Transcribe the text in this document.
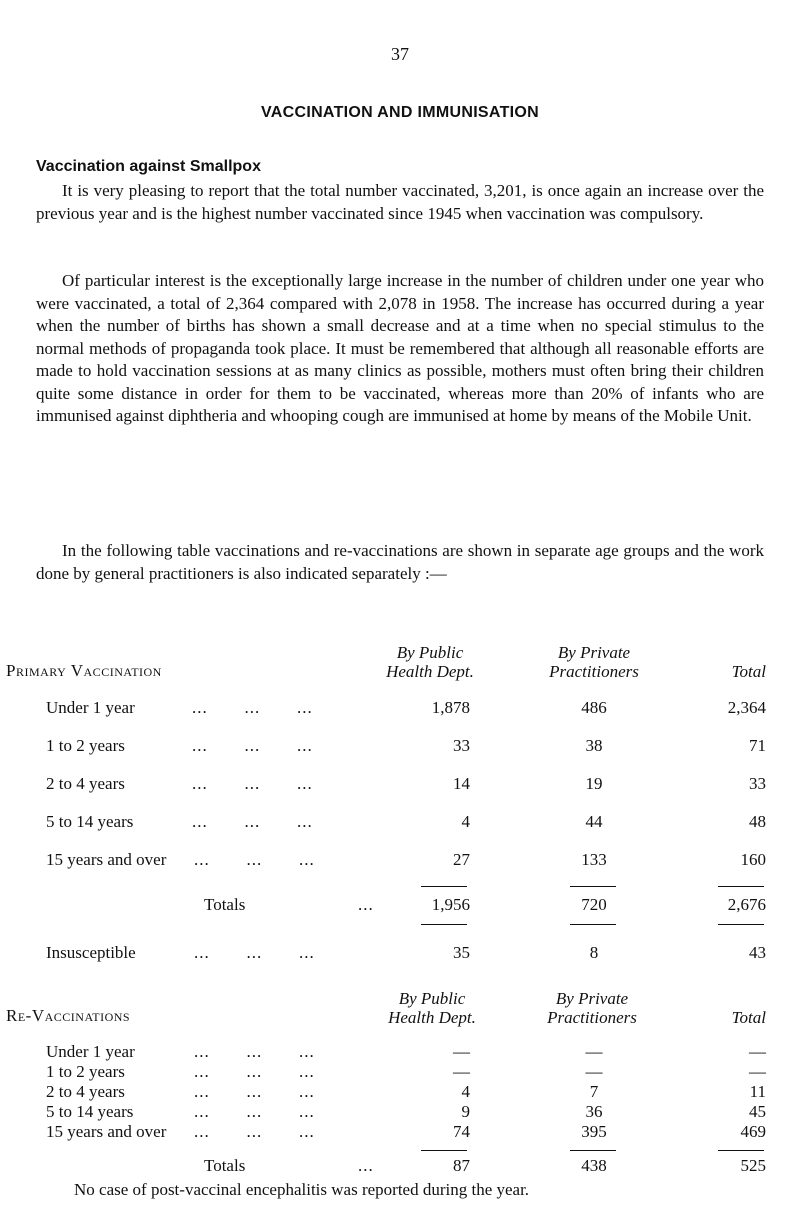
37
VACCINATION AND IMMUNISATION
Vaccination against Smallpox

It is very pleasing to report that the total number vaccinated, 3,201, is once again an increase over the previous year and is the highest number vaccinated since 1945 when vaccination was compulsory.

Of particular interest is the exceptionally large increase in the number of children under one year who were vaccinated, a total of 2,364 compared with 2,078 in 1958. The increase has occurred during a year when the number of births has shown a small decrease and at a time when no special stimulus to the normal methods of propaganda took place. It must be remembered that although all reasonable efforts are made to hold vaccination sessions at as many clinics as possible, mothers must often bring their children quite some distance in order for them to be vaccinated, whereas more than 20% of infants who are immunised against diphtheria and whooping cough are immunised at home by means of the Mobile Unit.

In the following table vaccinations and re-vaccinations are shown in separate age groups and the work done by general practitioners is also indicated separately :—

Primary Vaccination
By Public
Health Dept.
By Private
Practitioners	Total
Under 1 year	...       ...       ...	1,878	486	2,364
1 to 2 years	...       ...       ...	33	38	71
2 to 4 years	...       ...       ...	14	19	33
5 to 14 years	...       ...       ...	4	44	48
15 years and over ...       ...       ...	27	133	160
Totals	...	1,956	720	2,676
Insusceptible	...       ...       ...	35	8	43
Re-Vaccinations
By Public
Health Dept.
By Private
Practitioners	Total
Under 1 year	...       ...       ...	—	—	—
1 to 2 years	—	—	—
...       ...       ...
2 to 4 years	4	7	11
...       ...       ...
5 to 14 years	9	36	45
...       ...       ...
15 years and over	74	395	469
...       ...       ...
Totals	87	438	525
...
No case of post-vaccinal encephalitis was reported during the year.
